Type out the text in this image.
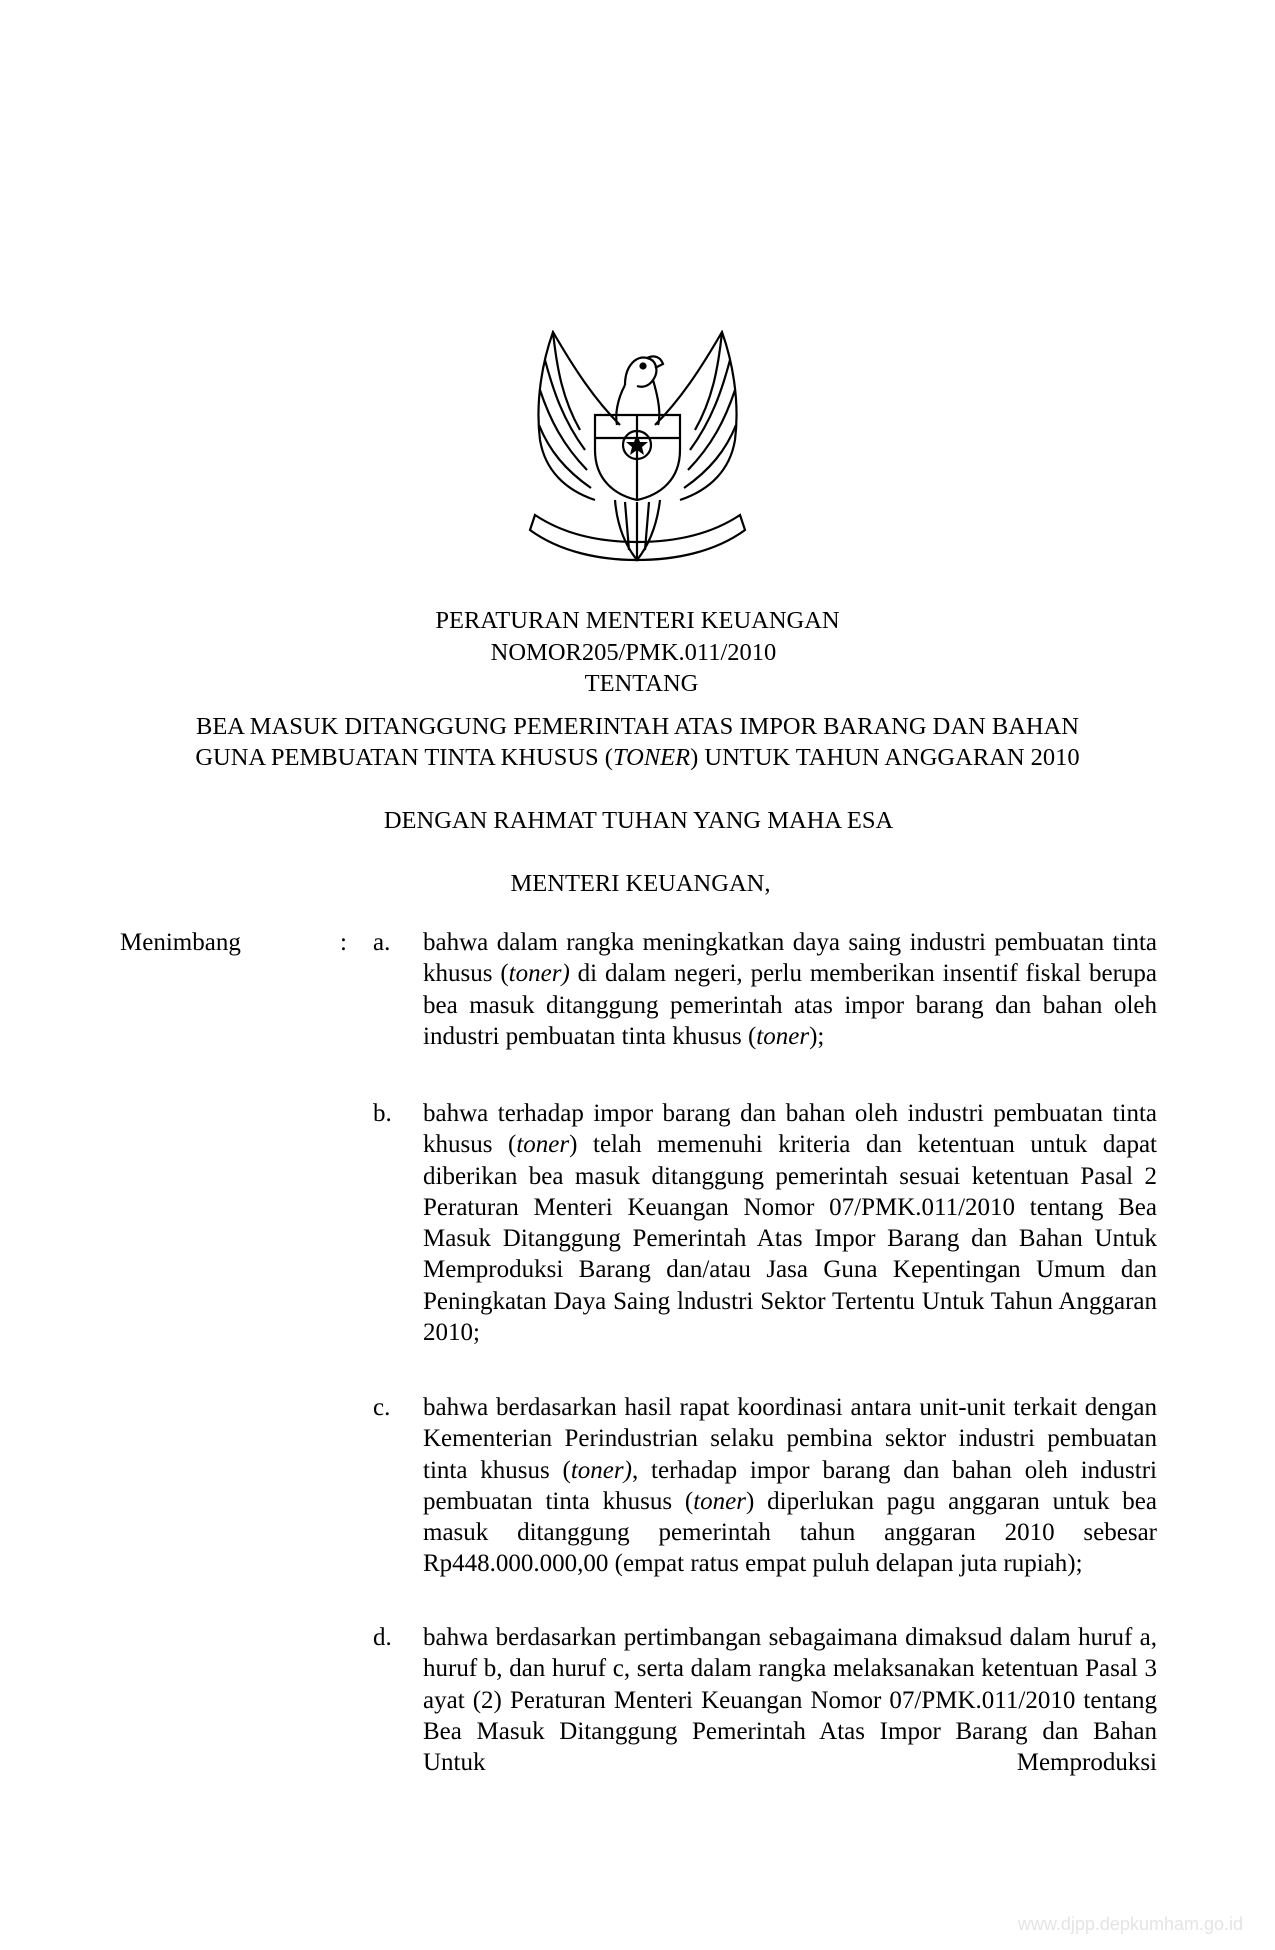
PERATURAN MENTERI KEUANGAN
NOMOR205/PMK.011/2010
TENTANG
BEA MASUK DITANGGUNG PEMERINTAH ATAS IMPOR BARANG DAN BAHAN
GUNA PEMBUATAN TINTA KHUSUS (TONER) UNTUK TAHUN ANGGARAN 2010
DENGAN RAHMAT TUHAN YANG MAHA ESA
MENTERI KEUANGAN,
Menimbang	: a.	bahwa dalam rangka meningkatkan daya saing industri pembuatan tinta khusus (toner) di dalam negeri, perlu memberikan insentif fiskal berupa bea masuk ditanggung pemerintah atas impor barang dan bahan oleh industri pembuatan tinta khusus (toner);
b.	bahwa terhadap impor barang dan bahan oleh industri pembuatan tinta khusus (toner) telah memenuhi kriteria dan ketentuan untuk dapat diberikan bea masuk ditanggung pemerintah sesuai ketentuan Pasal 2 Peraturan Menteri Keuangan Nomor 07/PMK.011/2010 tentang Bea Masuk Ditanggung Pemerintah Atas Impor Barang dan Bahan Untuk Memproduksi Barang dan/atau Jasa Guna Kepentingan Umum dan Peningkatan Daya Saing lndustri Sektor Tertentu Untuk Tahun Anggaran 2010;
c.	bahwa berdasarkan hasil rapat koordinasi antara unit-unit terkait dengan Kementerian Perindustrian selaku pembina sektor industri pembuatan tinta khusus (toner), terhadap impor barang dan bahan oleh industri pembuatan tinta khusus (toner) diperlukan pagu anggaran untuk bea masuk ditanggung pemerintah tahun anggaran 2010 sebesar Rp448.000.000,00 (empat ratus empat puluh delapan juta rupiah);
d.	bahwa berdasarkan pertimbangan sebagaimana dimaksud dalam huruf a, huruf b, dan huruf c, serta dalam rangka melaksanakan ketentuan Pasal 3 ayat (2) Peraturan Menteri Keuangan Nomor 07/PMK.011/2010 tentang Bea Masuk Ditanggung Pemerintah Atas Impor Barang dan Bahan Untuk Memproduksi
www.djpp.depkumham.go.id
